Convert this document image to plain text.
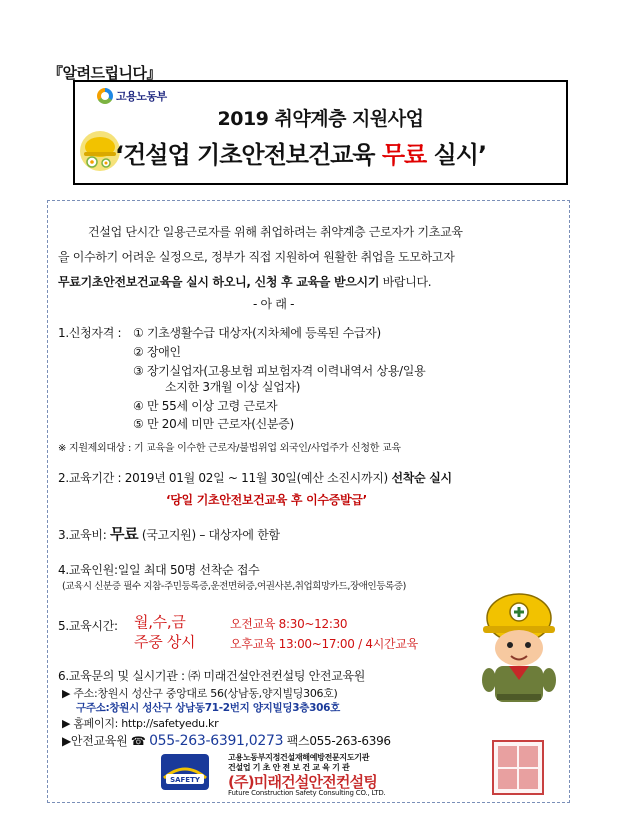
『알려드립니다』
고용노동부
2019 취약계층 지원사업
‘건설업 기초안전보건교육 무료 실시’
건설업 단시간 일용근로자를 위해 취업하려는 취약계층 근로자가 기초교육
을 이수하기 어려운 실정으로, 정부가 직접 지원하여 원활한 취업을 도모하고자
무료기초안전보건교육을 실시 하오니, 신청 후 교육을 받으시기 바랍니다.
- 아 래 -
1.신청자격 : ① 기초생활수급 대상자(지차체에 등록된 수급자)
② 장애인
③ 장기실업자(고용보험 피보험자격 이력내역서 상용/일용
소지한 3개월 이상 실업자)
④ 만 55세 이상 고령 근로자
⑤ 만 20세 미만 근로자(신분증)
※ 지원제외대상 : 기 교육을 이수한 근로자/불법위업 외국인/사업주가 신청한 교육
2.교육기간 : 2019년 01월 02일 ~ 11월 30일(예산 소진시까지) 선착순 실시
‘당일 기초안전보건교육 후 이수증발급’
3.교육비: 무료 (국고지원) – 대상자에 한함
4.교육인원:일일 최대 50명 선착순 접수
(교육시 신분증 필수 지참-주민등록증,운전면허증,여권사본,취업희망카드,장애인등록증)
5.교육시간: 월,수,금	오전교육 8:30~12:30
주중 상시	오후교육 13:00~17:00 / 4시간교육
6.교육문의 및 실시기관 : ㈜ 미래건설안전컨설팅 안전교육원
▶ 주소:창원시 성산구 중앙대로 56(상남동,양지빌딩306호)
구주소:창원시 성산구 상남동71-2번지 양지빌딩3층306호
▶ 홈페이지: http://safetyedu.kr
▶안전교육원 ☎ 055-263-6391,0273 팩스055-263-6396
SAFETY
고용노동부지정건설재해예방전문지도기관
건설업 기 초 안 전 보 건 교 육 기 관
(주)미래건설안전컨설팅
Future Construction Safety Consulting CO., LTD.
